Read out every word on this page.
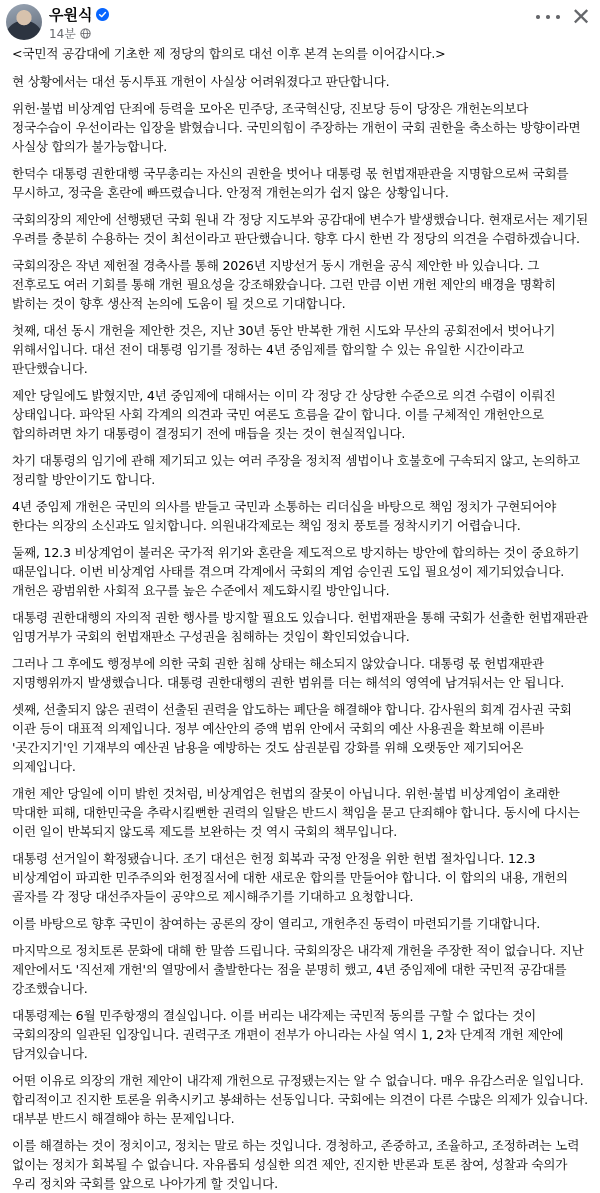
우원식
14분
✕

<국민적 공감대에 기초한 제 정당의 합의로 대선 이후 본격 논의를 이어갑시다.>

현 상황에서는 대선 동시투표 개헌이 사실상 어려워졌다고 판단합니다.

위헌·불법 비상계엄 단죄에 등력을 모아온 민주당, 조국혁신당, 진보당 등이 당장은 개헌논의보다 정국수습이 우선이라는 입장을 밝혔습니다. 국민의힘이 주장하는 개헌이 국회 권한을 축소하는 방향이라면 사실상 합의가 불가능합니다.

한덕수 대통령 권한대행 국무총리는 자신의 권한을 벗어나 대통령 몫 헌법재판관을 지명함으로써 국회를 무시하고, 정국을 혼란에 빠뜨렸습니다. 안정적 개헌논의가 쉽지 않은 상황입니다.

국회의장의 제안에 선행됐던 국회 원내 각 정당 지도부와 공감대에 변수가 발생했습니다. 현재로서는 제기된 우려를 충분히 수용하는 것이 최선이라고 판단했습니다. 향후 다시 한번 각 정당의 의견을 수렴하겠습니다.

국회의장은 작년 제헌절 경축사를 통해 2026년 지방선거 동시 개헌을 공식 제안한 바 있습니다. 그 전후로도 여러 기회를 통해 개헌 필요성을 강조해왔습니다. 그런 만큼 이번 개헌 제안의 배경을 명확히 밝히는 것이 향후 생산적 논의에 도움이 될 것으로 기대합니다.

첫째, 대선 동시 개헌을 제안한 것은, 지난 30년 동안 반복한 개헌 시도와 무산의 공회전에서 벗어나기 위해서입니다. 대선 전이 대통령 임기를 정하는 4년 중임제를 합의할 수 있는 유일한 시간이라고 판단했습니다.

제안 당일에도 밝혔지만, 4년 중임제에 대해서는 이미 각 정당 간 상당한 수준으로 의견 수렴이 이뤄진 상태입니다. 파악된 사회 각계의 의견과 국민 여론도 흐름을 같이 합니다. 이를 구체적인 개헌안으로 합의하려면 차기 대통령이 결정되기 전에 매듭을 짓는 것이 현실적입니다.

차기 대통령의 임기에 관해 제기되고 있는 여러 주장을 정치적 셈법이나 호불호에 구속되지 않고, 논의하고 정리할 방안이기도 합니다.

4년 중임제 개헌은 국민의 의사를 받들고 국민과 소통하는 리더십을 바탕으로 책임 정치가 구현되어야 한다는 의장의 소신과도 일치합니다. 의원내각제로는 책임 정치 풍토를 정착시키기 어렵습니다.

둘째, 12.3 비상계엄이 불러온 국가적 위기와 혼란을 제도적으로 방지하는 방안에 합의하는 것이 중요하기 때문입니다. 이번 비상계엄 사태를 겪으며 각계에서 국회의 계엄 승인권 도입 필요성이 제기되었습니다. 개헌은 광범위한 사회적 요구를 높은 수준에서 제도화시킬 방안입니다.

대통령 권한대행의 자의적 권한 행사를 방지할 필요도 있습니다. 헌법재판을 통해 국회가 선출한 헌법재판관 임명거부가 국회의 헌법재판소 구성권을 침해하는 것임이 확인되었습니다.

그러나 그 후에도 행정부에 의한 국회 권한 침해 상태는 해소되지 않았습니다. 대통령 몫 헌법재판관 지명행위까지 발생했습니다. 대통령 권한대행의 권한 범위를 더는 해석의 영역에 남겨둬서는 안 됩니다.

셋째, 선출되지 않은 권력이 선출된 권력을 압도하는 폐단을 해결해야 합니다. 감사원의 회계 검사권 국회 이관 등이 대표적 의제입니다. 정부 예산안의 증액 범위 안에서 국회의 예산 사용권을 확보해 이른바 '곳간지기'인 기재부의 예산권 남용을 예방하는 것도 삼권분립 강화를 위해 오랫동안 제기되어온 의제입니다.

개헌 제안 당일에 이미 밝힌 것처럼, 비상계엄은 헌법의 잘못이 아닙니다. 위헌·불법 비상계엄이 초래한 막대한 피해, 대한민국을 추락시킬뻔한 권력의 일탈은 반드시 책임을 묻고 단죄해야 합니다. 동시에 다시는 이런 일이 반복되지 않도록 제도를 보완하는 것 역시 국회의 책무입니다.

대통령 선거일이 확정됐습니다. 조기 대선은 헌정 회복과 국정 안정을 위한 헌법 절차입니다. 12.3 비상계엄이 파괴한 민주주의와 헌정질서에 대한 새로운 합의를 만들어야 합니다. 이 합의의 내용, 개헌의 골자를 각 정당 대선주자들이 공약으로 제시해주기를 기대하고 요청합니다.

이를 바탕으로 향후 국민이 참여하는 공론의 장이 열리고, 개헌추진 동력이 마련되기를 기대합니다.

마지막으로 정치토론 문화에 대해 한 말씀 드립니다. 국회의장은 내각제 개헌을 주장한 적이 없습니다. 지난 제안에서도 '직선제 개헌'의 열망에서 출발한다는 점을 분명히 했고, 4년 중임제에 대한 국민적 공감대를 강조했습니다.

대통령제는 6월 민주항쟁의 결실입니다. 이를 버리는 내각제는 국민적 동의를 구할 수 없다는 것이 국회의장의 일관된 입장입니다. 권력구조 개편이 전부가 아니라는 사실 역시 1, 2차 단계적 개헌 제안에 담겨있습니다.

어떤 이유로 의장의 개헌 제안이 내각제 개헌으로 규정됐는지는 알 수 없습니다. 매우 유감스러운 일입니다. 합리적이고 진지한 토론을 위축시키고 봉쇄하는 선동입니다. 국회에는 의견이 다른 수많은 의제가 있습니다. 대부분 반드시 해결해야 하는 문제입니다.

이를 해결하는 것이 정치이고, 정치는 말로 하는 것입니다. 경청하고, 존중하고, 조율하고, 조정하려는 노력 없이는 정치가 회복될 수 없습니다. 자유롭되 성실한 의견 제안, 진지한 반론과 토론 참여, 성찰과 숙의가 우리 정치와 국회를 앞으로 나아가게 할 것입니다.
